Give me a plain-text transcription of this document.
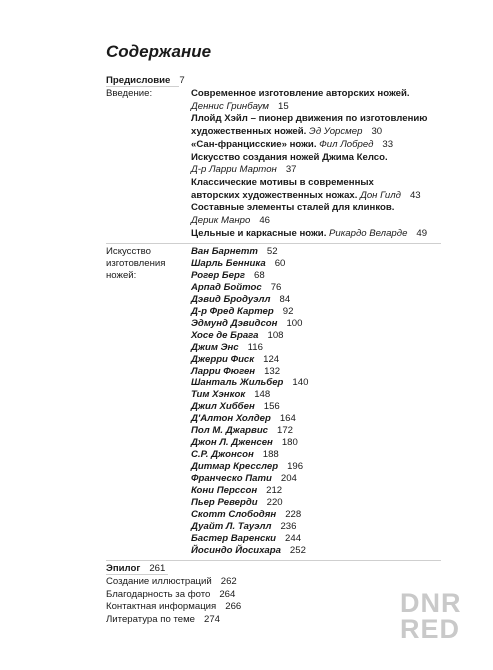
Содержание
Предисловие 7
Введение:	Современное изготовление авторских ножей.
Деннис Гринбаум 15
Ллойд Хэйл – пионер движения по изготовлению
художественных ножей. Эд Уорсмер 30
«Сан-францисские» ножи. Фил Лобред 33
Искусство создания ножей Джима Келсо.
Д-р Ларри Мартон 37
Классические мотивы в современных
авторских художественных ножах. Дон Гилд 43
Составные элементы сталей для клинков.
Дерик Манро 46
Цельные и каркасные ножи. Рикардо Веларде 49
Искусство
изготовления
ножей:
Ван Барнетт 52
Шарль Бенника 60
Рогер Берг 68
Арпад Бойтос 76
Дэвид Бродуэлл 84
Д-р Фред Картер 92
Эдмунд Дэвидсон 100
Хосе де Брага 108
Джим Энс 116
Джерри Фиск 124
Ларри Фюген 132
Шанталь Жильбер 140
Тим Хэнкок 148
Джил Хиббен 156
Д'Алтон Холдер 164
Пол М. Джарвис 172
Джон Л. Дженсен 180
С.Р. Джонсон 188
Дитмар Кресслер 196
Франческо Пати 204
Кони Перссон 212
Пьер Реверди 220
Скотт Слободян 228
Дуайт Л. Тауэлл 236
Бастер Варенски 244
Йосиндо Йосихара 252
Эпилог 261
Создание иллюстраций 262
Благодарность за фото 264
Контактная информация 266
Литература по теме 274
DNR
RED
